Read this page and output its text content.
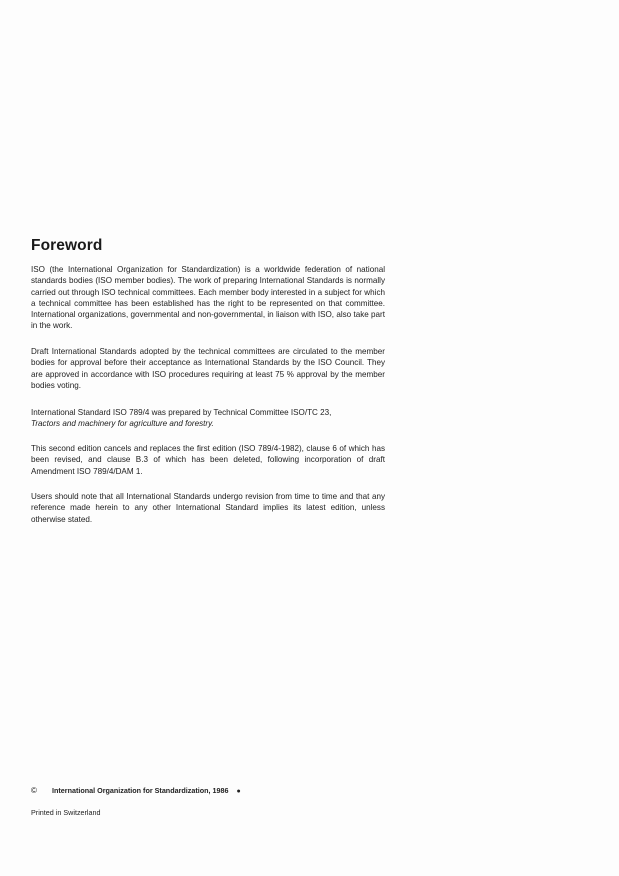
Foreword

ISO (the International Organization for Standardization) is a worldwide federation of national standards bodies (ISO member bodies). The work of preparing International Standards is normally carried out through ISO technical committees. Each member body interested in a subject for which a technical committee has been established has the right to be represented on that committee. International organizations, governmental and non-governmental, in liaison with ISO, also take part in the work.

Draft International Standards adopted by the technical committees are circulated to the member bodies for approval before their acceptance as International Standards by the ISO Council. They are approved in accordance with ISO procedures requiring at least 75 % approval by the member bodies voting.

International Standard ISO 789/4 was prepared by Technical Committee ISO/TC 23,
Tractors and machinery for agriculture and forestry.

This second edition cancels and replaces the first edition (ISO 789/4-1982), clause 6 of which has been revised, and clause B.3 of which has been deleted, following incorporation of draft Amendment ISO 789/4/DAM 1.

Users should note that all International Standards undergo revision from time to time and that any reference made herein to any other International Standard implies its latest edition, unless otherwise stated.

© International Organization for Standardization, 1986 ●
Printed in Switzerland
